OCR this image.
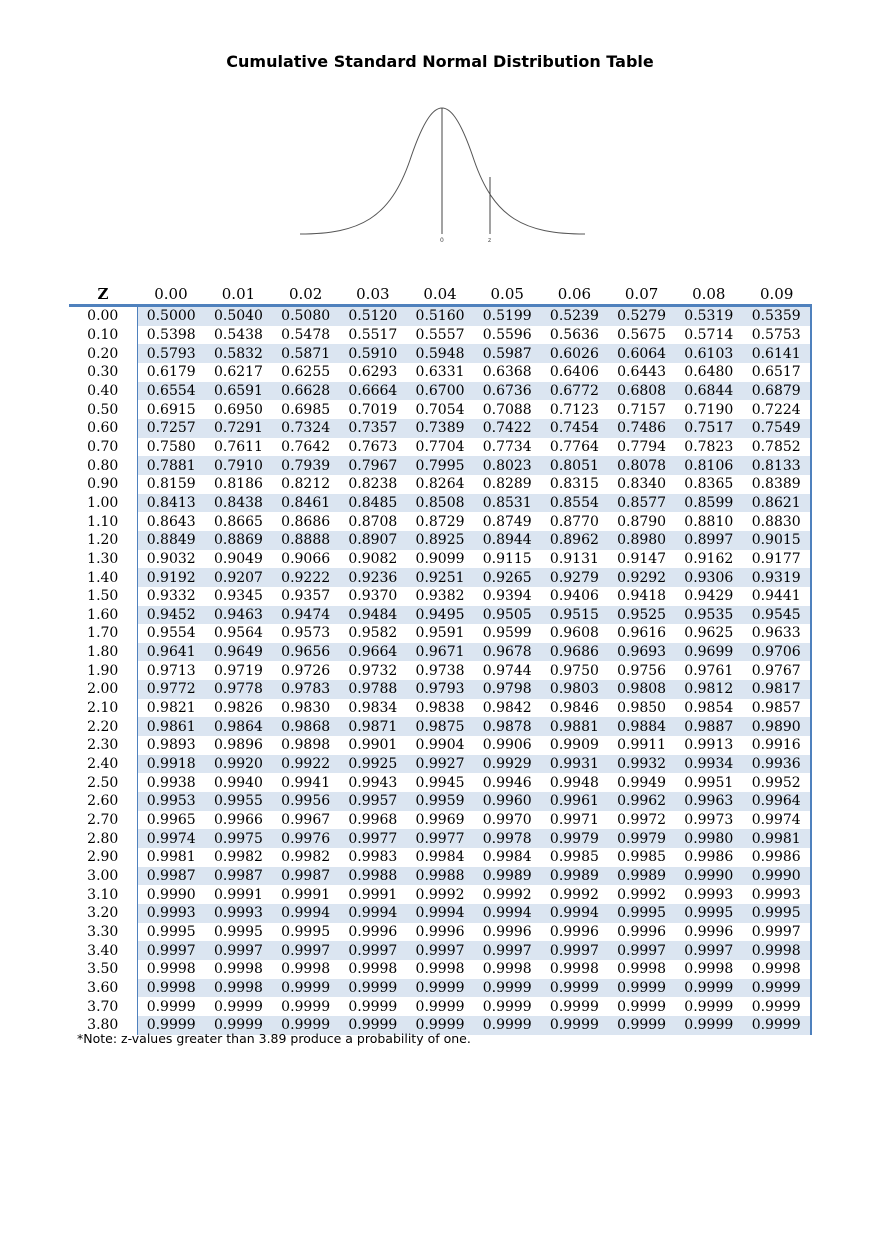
Cumulative Standard Normal Distribution Table
0	z
Z	0.00	0.01	0.02	0.03	0.04	0.05	0.06	0.07	0.08	0.09
0.00	0.5000	0.5040	0.5080	0.5120	0.5160	0.5199	0.5239	0.5279	0.5319	0.5359
0.10	0.5398	0.5438	0.5478	0.5517	0.5557	0.5596	0.5636	0.5675	0.5714	0.5753
0.20	0.5793	0.5832	0.5871	0.5910	0.5948	0.5987	0.6026	0.6064	0.6103	0.6141
0.30	0.6179	0.6217	0.6255	0.6293	0.6331	0.6368	0.6406	0.6443	0.6480	0.6517
0.40	0.6554	0.6591	0.6628	0.6664	0.6700	0.6736	0.6772	0.6808	0.6844	0.6879
0.50	0.6915	0.6950	0.6985	0.7019	0.7054	0.7088	0.7123	0.7157	0.7190	0.7224
0.60	0.7257	0.7291	0.7324	0.7357	0.7389	0.7422	0.7454	0.7486	0.7517	0.7549
0.70	0.7580	0.7611	0.7642	0.7673	0.7704	0.7734	0.7764	0.7794	0.7823	0.7852
0.80	0.7881	0.7910	0.7939	0.7967	0.7995	0.8023	0.8051	0.8078	0.8106	0.8133
0.90	0.8159	0.8186	0.8212	0.8238	0.8264	0.8289	0.8315	0.8340	0.8365	0.8389
1.00	0.8413	0.8438	0.8461	0.8485	0.8508	0.8531	0.8554	0.8577	0.8599	0.8621
1.10	0.8643	0.8665	0.8686	0.8708	0.8729	0.8749	0.8770	0.8790	0.8810	0.8830
1.20	0.8849	0.8869	0.8888	0.8907	0.8925	0.8944	0.8962	0.8980	0.8997	0.9015
1.30	0.9032	0.9049	0.9066	0.9082	0.9099	0.9115	0.9131	0.9147	0.9162	0.9177
1.40	0.9192	0.9207	0.9222	0.9236	0.9251	0.9265	0.9279	0.9292	0.9306	0.9319
1.50	0.9332	0.9345	0.9357	0.9370	0.9382	0.9394	0.9406	0.9418	0.9429	0.9441
1.60	0.9452	0.9463	0.9474	0.9484	0.9495	0.9505	0.9515	0.9525	0.9535	0.9545
1.70	0.9554	0.9564	0.9573	0.9582	0.9591	0.9599	0.9608	0.9616	0.9625	0.9633
1.80	0.9641	0.9649	0.9656	0.9664	0.9671	0.9678	0.9686	0.9693	0.9699	0.9706
1.90	0.9713	0.9719	0.9726	0.9732	0.9738	0.9744	0.9750	0.9756	0.9761	0.9767
2.00	0.9772	0.9778	0.9783	0.9788	0.9793	0.9798	0.9803	0.9808	0.9812	0.9817
2.10	0.9821	0.9826	0.9830	0.9834	0.9838	0.9842	0.9846	0.9850	0.9854	0.9857
2.20	0.9861	0.9864	0.9868	0.9871	0.9875	0.9878	0.9881	0.9884	0.9887	0.9890
2.30	0.9893	0.9896	0.9898	0.9901	0.9904	0.9906	0.9909	0.9911	0.9913	0.9916
2.40	0.9918	0.9920	0.9922	0.9925	0.9927	0.9929	0.9931	0.9932	0.9934	0.9936
2.50	0.9938	0.9940	0.9941	0.9943	0.9945	0.9946	0.9948	0.9949	0.9951	0.9952
2.60	0.9953	0.9955	0.9956	0.9957	0.9959	0.9960	0.9961	0.9962	0.9963	0.9964
2.70	0.9965	0.9966	0.9967	0.9968	0.9969	0.9970	0.9971	0.9972	0.9973	0.9974
2.80	0.9974	0.9975	0.9976	0.9977	0.9977	0.9978	0.9979	0.9979	0.9980	0.9981
2.90	0.9981	0.9982	0.9982	0.9983	0.9984	0.9984	0.9985	0.9985	0.9986	0.9986
3.00	0.9987	0.9987	0.9987	0.9988	0.9988	0.9989	0.9989	0.9989	0.9990	0.9990
3.10	0.9990	0.9991	0.9991	0.9991	0.9992	0.9992	0.9992	0.9992	0.9993	0.9993
3.20	0.9993	0.9993	0.9994	0.9994	0.9994	0.9994	0.9994	0.9995	0.9995	0.9995
3.30	0.9995	0.9995	0.9995	0.9996	0.9996	0.9996	0.9996	0.9996	0.9996	0.9997
3.40	0.9997	0.9997	0.9997	0.9997	0.9997	0.9997	0.9997	0.9997	0.9997	0.9998
3.50	0.9998	0.9998	0.9998	0.9998	0.9998	0.9998	0.9998	0.9998	0.9998	0.9998
3.60	0.9998	0.9998	0.9999	0.9999	0.9999	0.9999	0.9999	0.9999	0.9999	0.9999
3.70	0.9999	0.9999	0.9999	0.9999	0.9999	0.9999	0.9999	0.9999	0.9999	0.9999
3.80	0.9999	0.9999	0.9999	0.9999	0.9999	0.9999	0.9999	0.9999	0.9999	0.9999
*Note: z-values greater than 3.89 produce a probability of one.
